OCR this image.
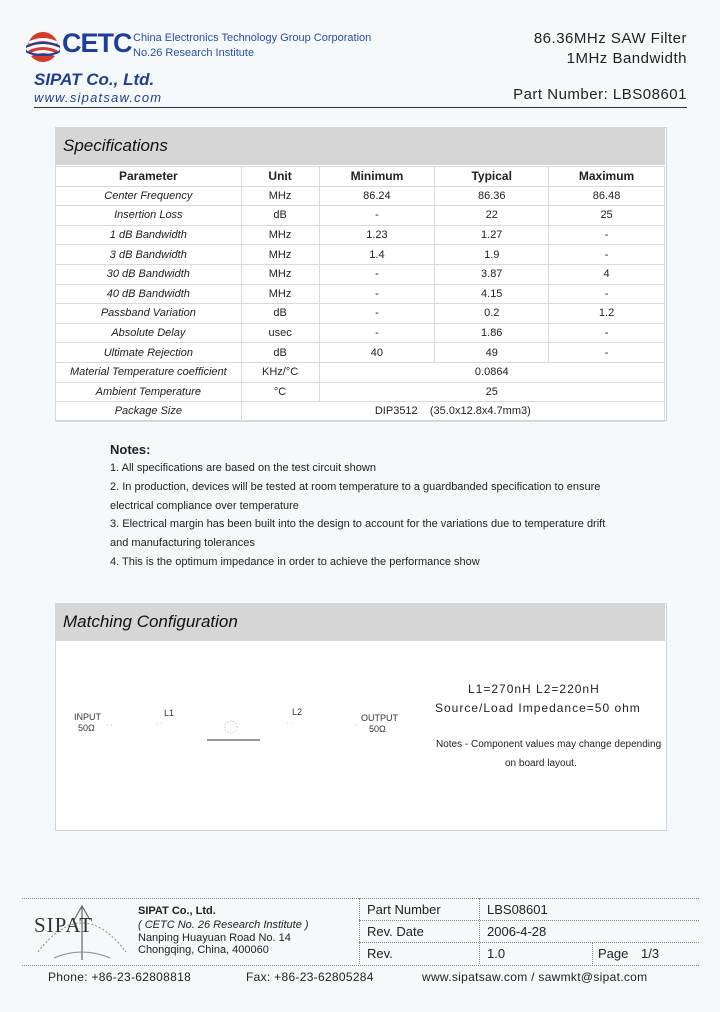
CETC China Electronics Technology Group Corporation
No.26 Research Institute
SIPAT Co., Ltd.
www.sipatsaw.com
86.36MHz SAW Filter
1MHz Bandwidth
Part Number: LBS08601
Specifications
Parameter	Unit	Minimum	Typical	Maximum
Center Frequency	MHz	86.24	86.36	86.48
Insertion Loss	dB	-	22	25
1 dB Bandwidth	MHz	1.23	1.27	-
3 dB Bandwidth	MHz	1.4	1.9	-
30 dB Bandwidth	MHz	-	3.87	4
40 dB Bandwidth	MHz	-	4.15	-
Passband Variation	dB	-	0.2	1.2
Absolute Delay	usec	-	1.86	-
Ultimate Rejection	dB	40	49	-
Material Temperature coefficient	KHz/°C	0.0864		
Ambient Temperature	°C	25		
Package Size	DIP3512    (35.0x12.8x4.7mm3)			
Notes:
1. All specifications are based on the test circuit shown
2. In production, devices will be tested at room temperature to a guardbanded specification to ensure
electrical compliance over temperature
3. Electrical margin has been built into the design to account for the variations due to temperature drift
and manufacturing tolerances
4. This is the optimum impedance in order to achieve the performance show
Matching Configuration
INPUT
50Ω
L1	L2
OUTPUT
50Ω
· ·	· ·	· ·	·
L1=270nH L2=220nH
Source/Load Impedance=50 ohm
Notes - Component values may change depending
on board layout.
SIPAT
SIPAT Co., Ltd.
( CETC No. 26 Research Institute )
Nanping Huayuan Road No. 14
Chongqing, China, 400060
Part Number	LBS08601
Rev. Date	2006-4-28
Rev.	1.0	Page 1/3
Phone: +86-23-62808818	Fax: +86-23-62805284	www.sipatsaw.com / sawmkt@sipat.com
